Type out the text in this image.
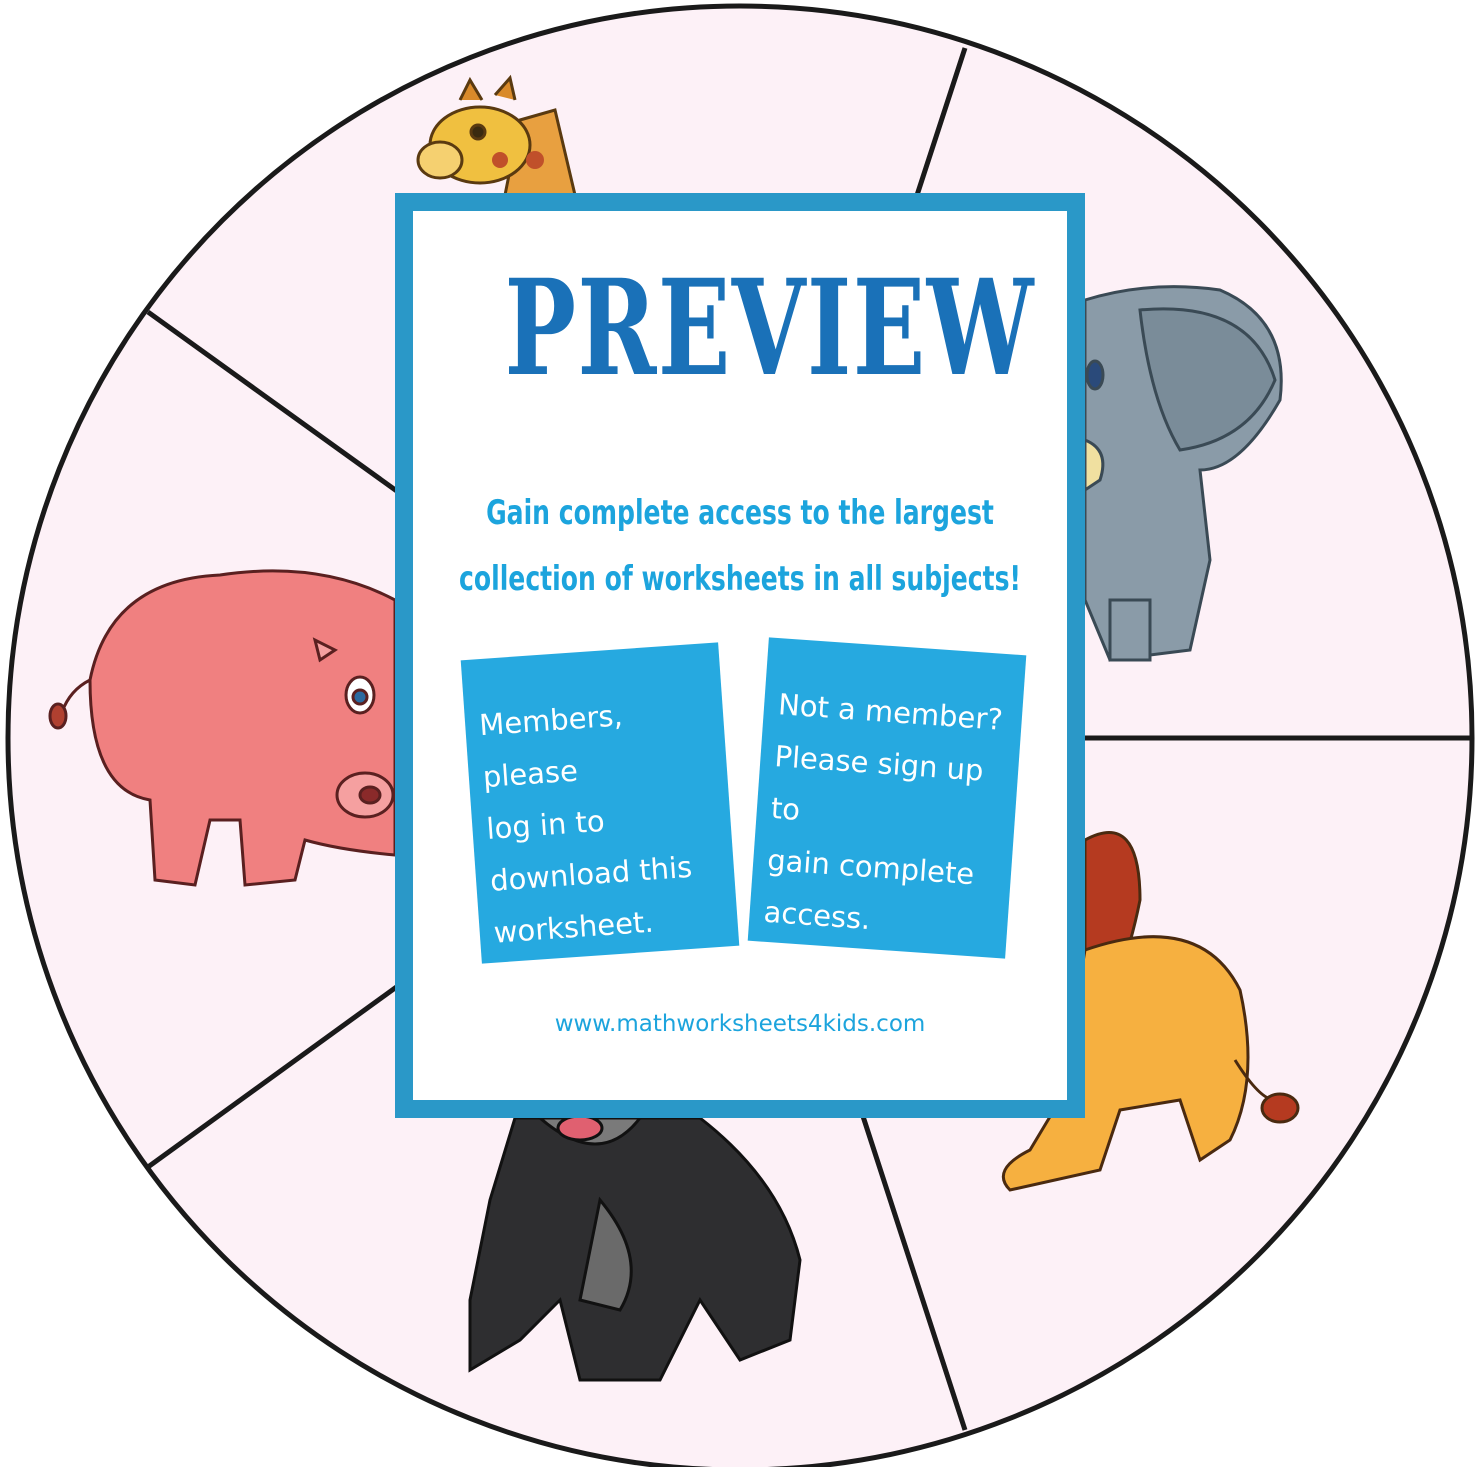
PREVIEW
Gain complete access to the largest
collection of worksheets in all subjects!
Members, please
log in to
download this
worksheet.
Not a member?
Please sign up to
gain complete
access.
www.mathworksheets4kids.com
